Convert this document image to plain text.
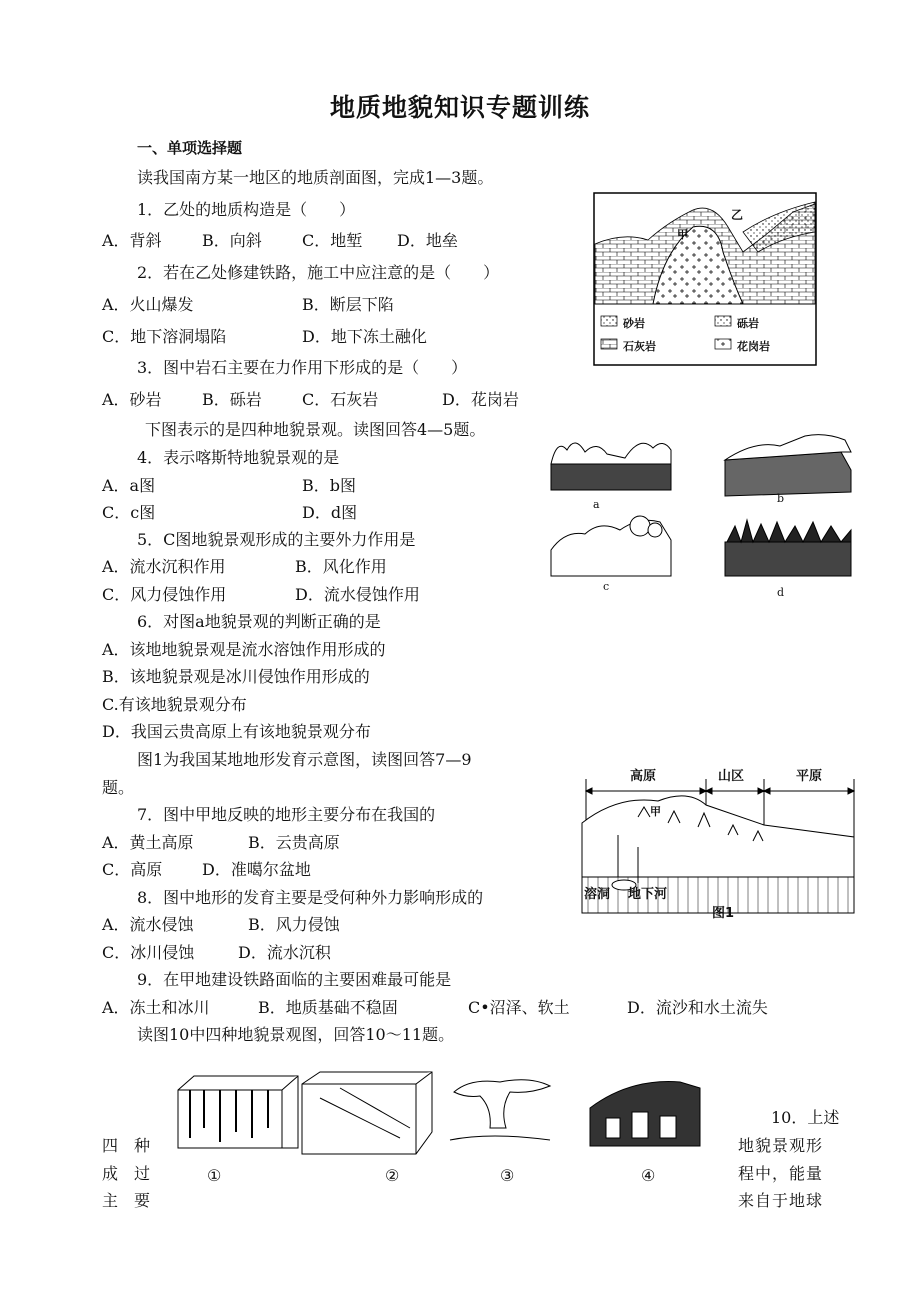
地质地貌知识专题训练
一、单项选择题
读我国南方某一地区的地质剖面图，完成1—3题。
1．乙处的地质构造是（　　）
A．背斜	B．向斜	C．地堑 D．地垒
2．若在乙处修建铁路，施工中应注意的是（　　）
A．火山爆发	B．断层下陷
C．地下溶洞塌陷	D．地下冻土融化
3．图中岩石主要在力作用下形成的是（　　）
A．砂岩	B．砾岩	C．石灰岩	D．花岗岩
甲
乙
砂岩	砾岩
石灰岩	花岗岩
下图表示的是四种地貌景观。读图回答4—5题。
4．表示喀斯特地貌景观的是
A．a图	B．b图
C．c图	D．d图	a	b
c	d
5．C图地貌景观形成的主要外力作用是
A．流水沉积作用	B．风化作用
C．风力侵蚀作用	D．流水侵蚀作用
6．对图a地貌景观的判断正确的是
A．该地地貌景观是流水溶蚀作用形成的
B．该地貌景观是冰川侵蚀作用形成的
C.有该地貌景观分布
D．我国云贵高原上有该地貌景观分布
图1为我国某地地形发育示意图，读图回答7—9
题。
高原	山区	平原
甲
溶洞 地下河
图1
7．图中甲地反映的地形主要分布在我国的
A．黄土高原	B．云贵高原
C．高原 D．准噶尔盆地
8．图中地形的发育主要是受何种外力影响形成的
A．流水侵蚀	B．风力侵蚀
C．冰川侵蚀	D．流水沉积
9．在甲地建设铁路面临的主要困难最可能是
A．冻土和冰川	B．地质基础不稳固	C•沼泽、软土	D．流沙和水土流失
读图10中四种地貌景观图，回答10～11题。
①	②	③	④
四　种
成　过
主　要
10．上述
地貌景观形
程中，能量
来自于地球
